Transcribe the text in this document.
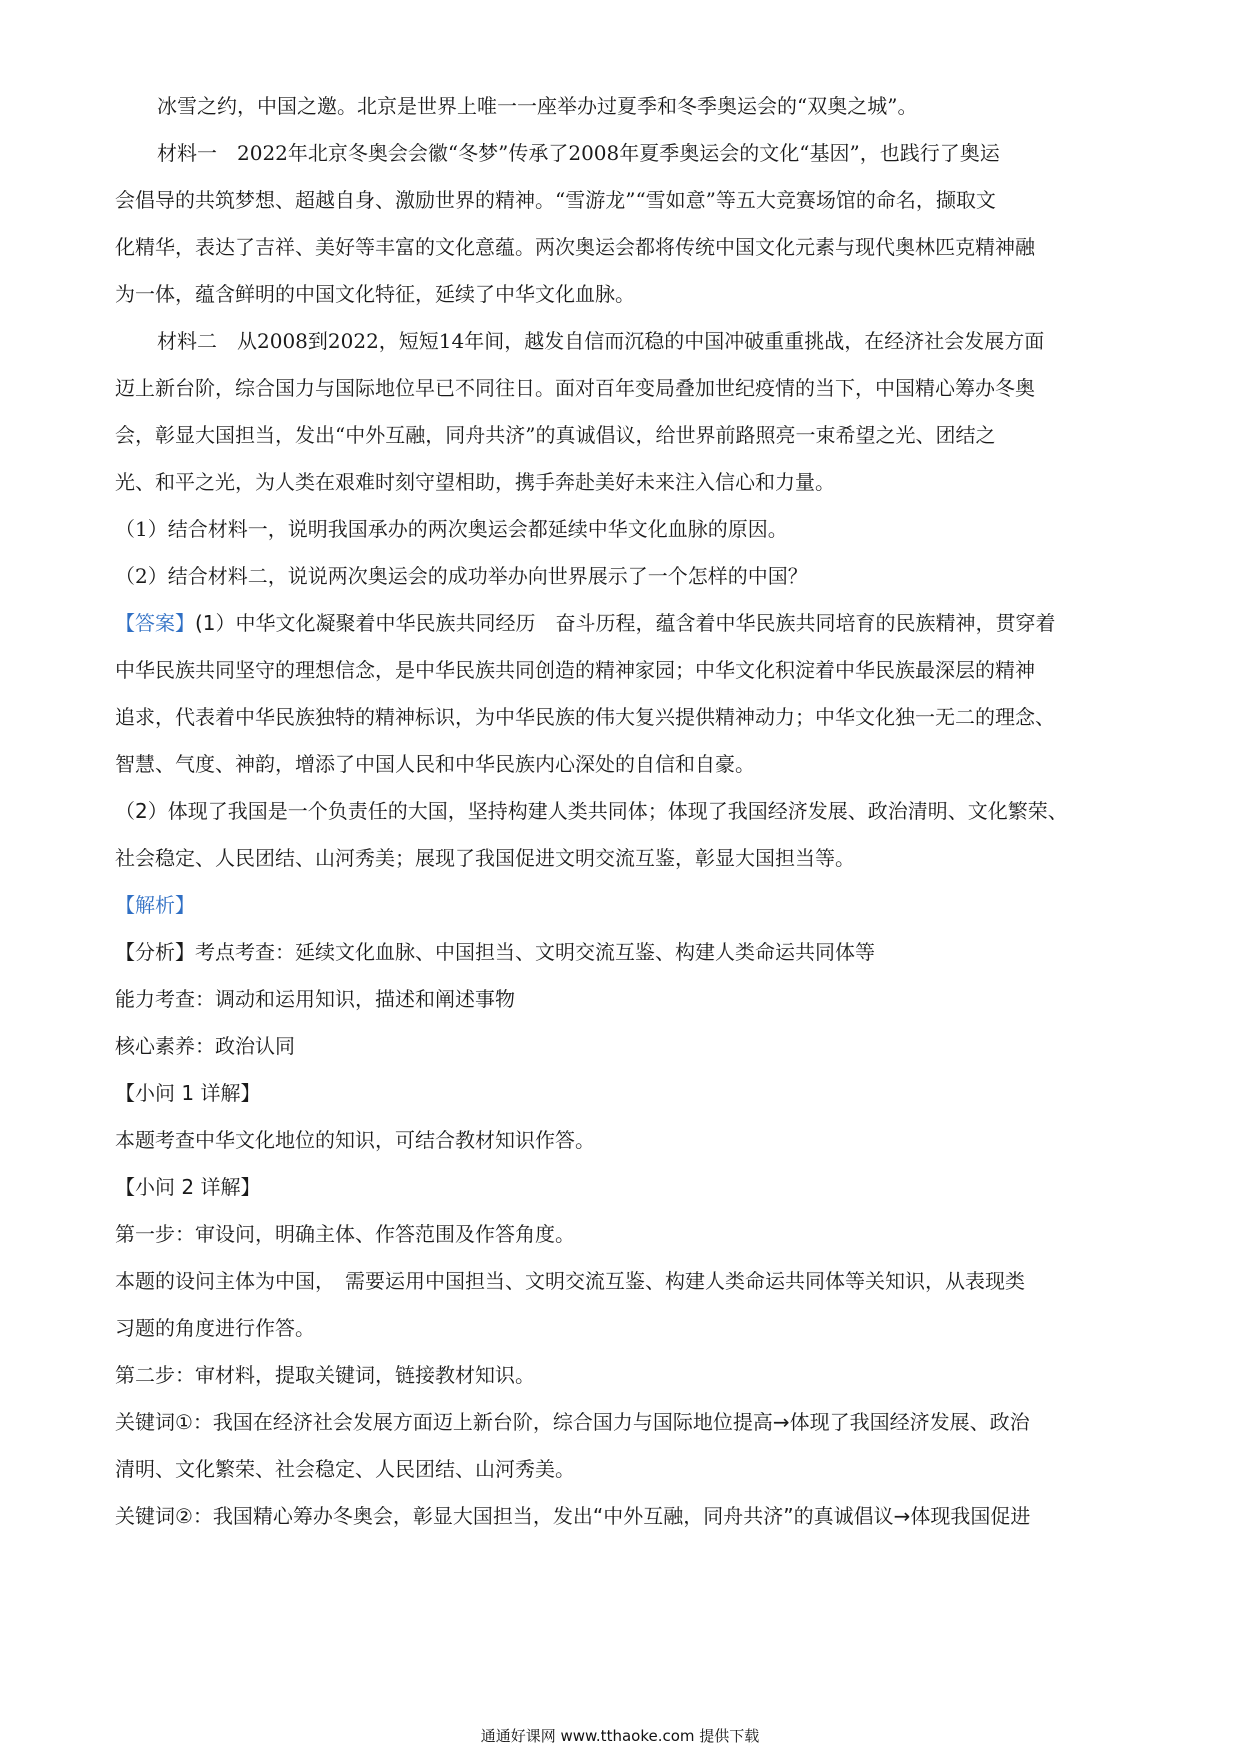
冰雪之约，中国之邀。北京是世界上唯一一座举办过夏季和冬季奥运会的“双奥之城”。
材料一　2022年北京冬奥会会徽“冬梦”传承了2008年夏季奥运会的文化“基因”，也践行了奥运
会倡导的共筑梦想、超越自身、激励世界的精神。“雪游龙”“雪如意”等五大竞赛场馆的命名，撷取文
化精华，表达了吉祥、美好等丰富的文化意蕴。两次奥运会都将传统中国文化元素与现代奥林匹克精神融
为一体，蕴含鲜明的中国文化特征，延续了中华文化血脉。
材料二　从2008到2022，短短14年间，越发自信而沉稳的中国冲破重重挑战，在经济社会发展方面
迈上新台阶，综合国力与国际地位早已不同往日。面对百年变局叠加世纪疫情的当下，中国精心筹办冬奥
会，彰显大国担当，发出“中外互融，同舟共济”的真诚倡议，给世界前路照亮一束希望之光、团结之
光、和平之光，为人类在艰难时刻守望相助，携手奔赴美好未来注入信心和力量。
（1）结合材料一，说明我国承办的两次奥运会都延续中华文化血脉的原因。
（2）结合材料二，说说两次奥运会的成功举办向世界展示了一个怎样的中国？
【答案】(1）中华文化凝聚着中华民族共同经历　奋斗历程，蕴含着中华民族共同培育的民族精神，贯穿着
中华民族共同坚守的理想信念，是中华民族共同创造的精神家园；中华文化积淀着中华民族最深层的精神
追求，代表着中华民族独特的精神标识，为中华民族的伟大复兴提供精神动力；中华文化独一无二的理念、
智慧、气度、神韵，增添了中国人民和中华民族内心深处的自信和自豪。
（2）体现了我国是一个负责任的大国，坚持构建人类共同体；体现了我国经济发展、政治清明、文化繁荣、
社会稳定、人民团结、山河秀美；展现了我国促进文明交流互鉴，彰显大国担当等。
【解析】
【分析】考点考查：延续文化血脉、中国担当、文明交流互鉴、构建人类命运共同体等
能力考查：调动和运用知识，描述和阐述事物
核心素养：政治认同
【小问 1 详解】
本题考查中华文化地位的知识，可结合教材知识作答。
【小问 2 详解】
第一步：审设问，明确主体、作答范围及作答角度。
本题的设问主体为中国，　需要运用中国担当、文明交流互鉴、构建人类命运共同体等关知识，从表现类
习题的角度进行作答。
第二步：审材料，提取关键词，链接教材知识。
关键词①：我国在经济社会发展方面迈上新台阶，综合国力与国际地位提高→体现了我国经济发展、政治
清明、文化繁荣、社会稳定、人民团结、山河秀美。
关键词②：我国精心筹办冬奥会，彰显大国担当，发出“中外互融，同舟共济”的真诚倡议→体现我国促进
通通好课网 www.tthaoke.com 提供下载
